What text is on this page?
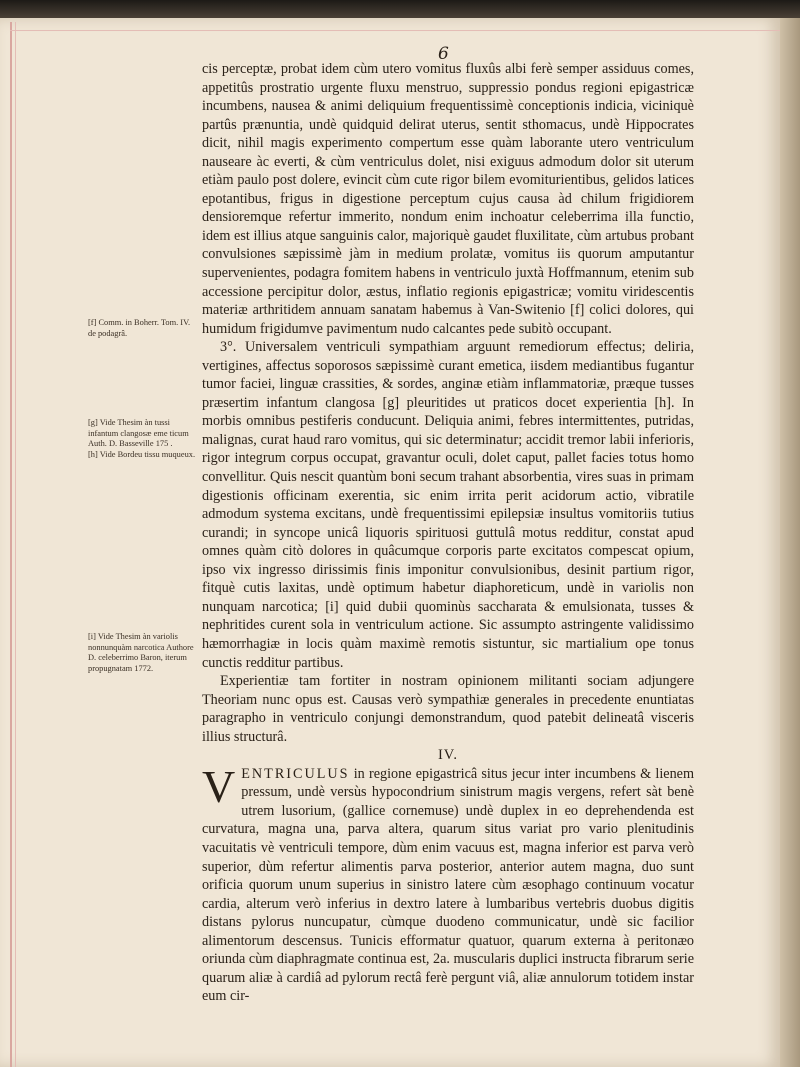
6

cis perceptæ, probat idem cùm utero vomitus fluxûs albi ferè semper assiduus comes, appetitûs prostratio urgente fluxu menstruo, suppressio pondus regioni epigastricæ incumbens, nausea & animi deliquium frequentissimè conceptionis indicia, viciniquè partûs prænuntia, undè quidquid delirat uterus, sentit sthomacus, undè Hippocrates dicit, nihil magis experimento compertum esse quàm laborante utero ventriculum nauseare àc everti, & cùm ventriculus dolet, nisi exiguus admodum dolor sit uterum etiàm paulo post dolere, evincit cùm cute rigor bilem evomiturientibus, gelidos latices epotantibus, frigus in digestione perceptum cujus causa àd chilum frigidiorem densioremque refertur immerito, nondum enim inchoatur celeberrima illa functio, idem est illius atque sanguinis calor, majoriquè gaudet fluxilitate, cùm artubus probant convulsiones sæpissimè jàm in medium prolatæ, vomitus iis quorum amputantur supervenientes, podagra fomitem habens in ventriculo juxtà Hoffmannum, etenim sub accessione percipitur dolor, æstus, inflatio regionis epigastricæ; vomitu viridescentis materiæ arthritidem annuam sanatam habemus à Van-Switenio [f] colici dolores, qui humidum frigidumve pavimentum nudo calcantes pede subitò occupant.

3°. Universalem ventriculi sympathiam arguunt remediorum effectus; deliria, vertigines, affectus soporosos sæpissimè curant emetica, iisdem mediantibus fugantur tumor faciei, linguæ crassities, & sordes, anginæ etiàm inflammatoriæ, præque tusses præsertim infantum clangosa [g] pleuritides ut praticos docet experientia [h]. In morbis omnibus pestiferis conducunt. Deliquia animi, febres intermittentes, putridas, malignas, curat haud raro vomitus, qui sic determinatur; accidit tremor labii inferioris, rigor integrum corpus occupat, gravantur oculi, dolet caput, pallet facies totus homo convellitur. Quis nescit quantùm boni secum trahant absorbentia, vires suas in primam digestionis officinam exerentia, sic enim irrita perit acidorum actio, vibratile admodum systema excitans, undè frequentissimi epilepsiæ insultus vomitoriis tutius curandi; in syncope unicâ liquoris spirituosi guttulâ motus redditur, constat apud omnes quàm citò dolores in quâcumque corporis parte excitatos compescat opium, ipso vix ingresso dirissimis finis imponitur convulsionibus, desinit partium rigor, fitquè cutis laxitas, undè optimum habetur diaphoreticum, undè in variolis non nunquam narcotica; [i] quid dubii quominùs saccharata & emulsionata, tusses & nephritides curent sola in ventriculum actione. Sic assumpto astringente validissimo hæmorrhagiæ in locis quàm maximè remotis sistuntur, sic martialium ope tonus cunctis redditur partibus.

Experientiæ tam fortiter in nostram opinionem militanti sociam adjungere Theoriam nunc opus est. Causas verò sympathiæ generales in precedente enuntiatas paragrapho in ventriculo conjungi demonstrandum, quod patebit delineatâ visceris illius structurâ.

IV.

V ENTRICULUS in regione epigastricâ situs jecur inter incumbens & lienem pressum, undè versùs hypocondrium sinistrum magis vergens, refert sàt benè utrem lusorium, (gallice cornemuse) undè duplex in eo deprehendenda est curvatura, magna una, parva altera, quarum situs variat pro vario plenitudinis vacuitatis vè ventriculi tempore, dùm enim vacuus est, magna inferior est parva verò superior, dùm refertur alimentis parva posterior, anterior autem magna, duo sunt orificia quorum unum superius in sinistro latere cùm æsophago continuum vocatur cardia, alterum verò inferius in dextro latere à lumbaribus vertebris duobus digitis distans pylorus nuncupatur, cùmque duodeno communicatur, undè sic facilior alimentorum descensus. Tunicis efformatur quatuor, quarum externa à peritonæo oriunda cùm diaphragmate continua est, 2a. muscularis duplici instructa fibrarum serie quarum aliæ à cardiâ ad pylorum rectâ ferè pergunt viâ, aliæ annulorum totidem instar eum cir-

[f] Comm. in Boherr. Tom. IV. de podagrâ.
[g] Vide Thesim àn tussi infantum clangosæ eme ticum Auth. D. Basseville 175 .
[h] Vide Bordeu tissu muqueux.
[i] Vide Thesim àn variolis nonnunquàm narcotica Authore D. celeberrimo Baron, iterum propugnatam 1772.
